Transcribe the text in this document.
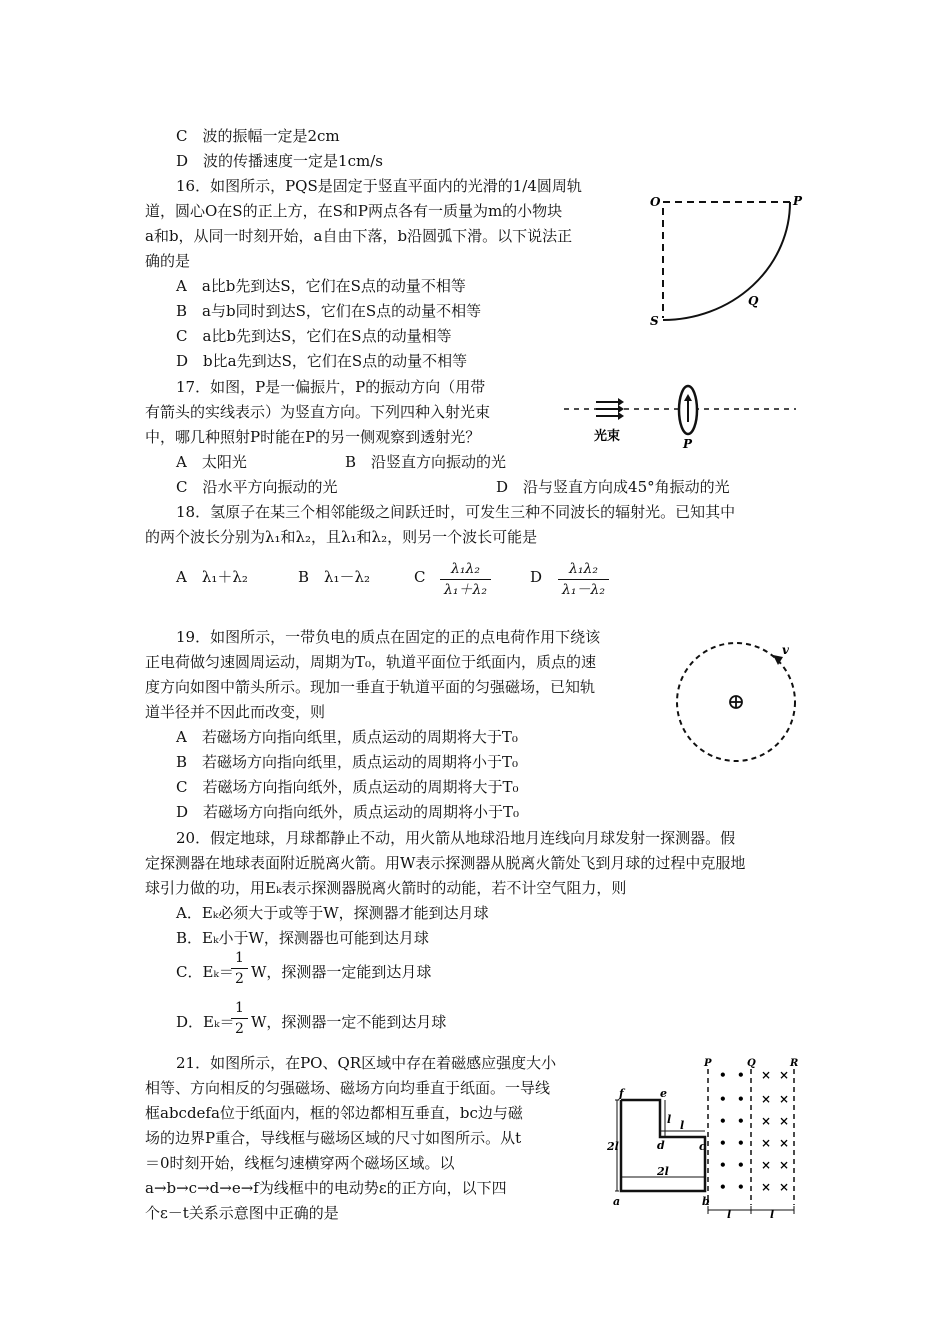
C　波的振幅一定是2cm
D　波的传播速度一定是1cm/s
16．如图所示，PQS是固定于竖直平面内的光滑的1/4圆周轨
道，圆心O在S的正上方，在S和P两点各有一质量为m的小物块
a和b，从同一时刻开始，a自由下落，b沿圆弧下滑。以下说法正
确的是
A　a比b先到达S，它们在S点的动量不相等
B　a与b同时到达S，它们在S点的动量不相等
C　a比b先到达S，它们在S点的动量相等
D　b比a先到达S，它们在S点的动量不相等
17．如图，P是一偏振片，P的振动方向（用带
有箭头的实线表示）为竖直方向。下列四种入射光束
中，哪几种照射P时能在P的另一侧观察到透射光？
A　太阳光	B　沿竖直方向振动的光
C　沿水平方向振动的光	D　沿与竖直方向成45°角振动的光
18．氢原子在某三个相邻能级之间跃迁时，可发生三种不同波长的辐射光。已知其中
的两个波长分别为λ₁和λ₂，且λ₁和λ₂，则另一个波长可能是
A　λ₁＋λ₂	B　λ₁－λ₂	C	λ₁λ₂
λ₁＋λ₂
D	λ₁λ₂
λ₁－λ₂
19．如图所示，一带负电的质点在固定的正的点电荷作用下绕该
正电荷做匀速圆周运动，周期为T₀，轨道平面位于纸面内，质点的速
度方向如图中箭头所示。现加一垂直于轨道平面的匀强磁场，已知轨
道半径并不因此而改变，则
A　若磁场方向指向纸里，质点运动的周期将大于T₀
B　若磁场方向指向纸里，质点运动的周期将小于T₀
C　若磁场方向指向纸外，质点运动的周期将大于T₀
D　若磁场方向指向纸外，质点运动的周期将小于T₀
20．假定地球，月球都静止不动，用火箭从地球沿地月连线向月球发射一探测器。假
定探测器在地球表面附近脱离火箭。用W表示探测器从脱离火箭处飞到月球的过程中克服地
球引力做的功，用Eₖ表示探测器脱离火箭时的动能，若不计空气阻力，则
A．Eₖ必须大于或等于W，探测器才能到达月球
B．Eₖ小于W，探测器也可能到达月球
C．Eₖ＝
1
2 W，探测器一定能到达月球
D．Eₖ＝
1
2 W，探测器一定不能到达月球
21．如图所示，在PO、QR区域中存在着磁感应强度大小
相等、方向相反的匀强磁场、磁场方向均垂直于纸面。一导线
框abcdefa位于纸面内，框的邻边都相互垂直，bc边与磁
场的边界P重合，导线框与磁场区域的尺寸如图所示。从t
＝0时刻开始，线框匀速横穿两个磁场区域。以
a→b→c→d→e→f为线框中的电动势ε的正方向，以下四
个ε－t关系示意图中正确的是
O	P
Q
S
光束	P
v
P	Q	R
• •
• •
• •
• •
• •
• •
× ×
× ×
× ×
× ×
× ×
× ×
2l
l l
2l
a	b
c
d
e
f
l	l
